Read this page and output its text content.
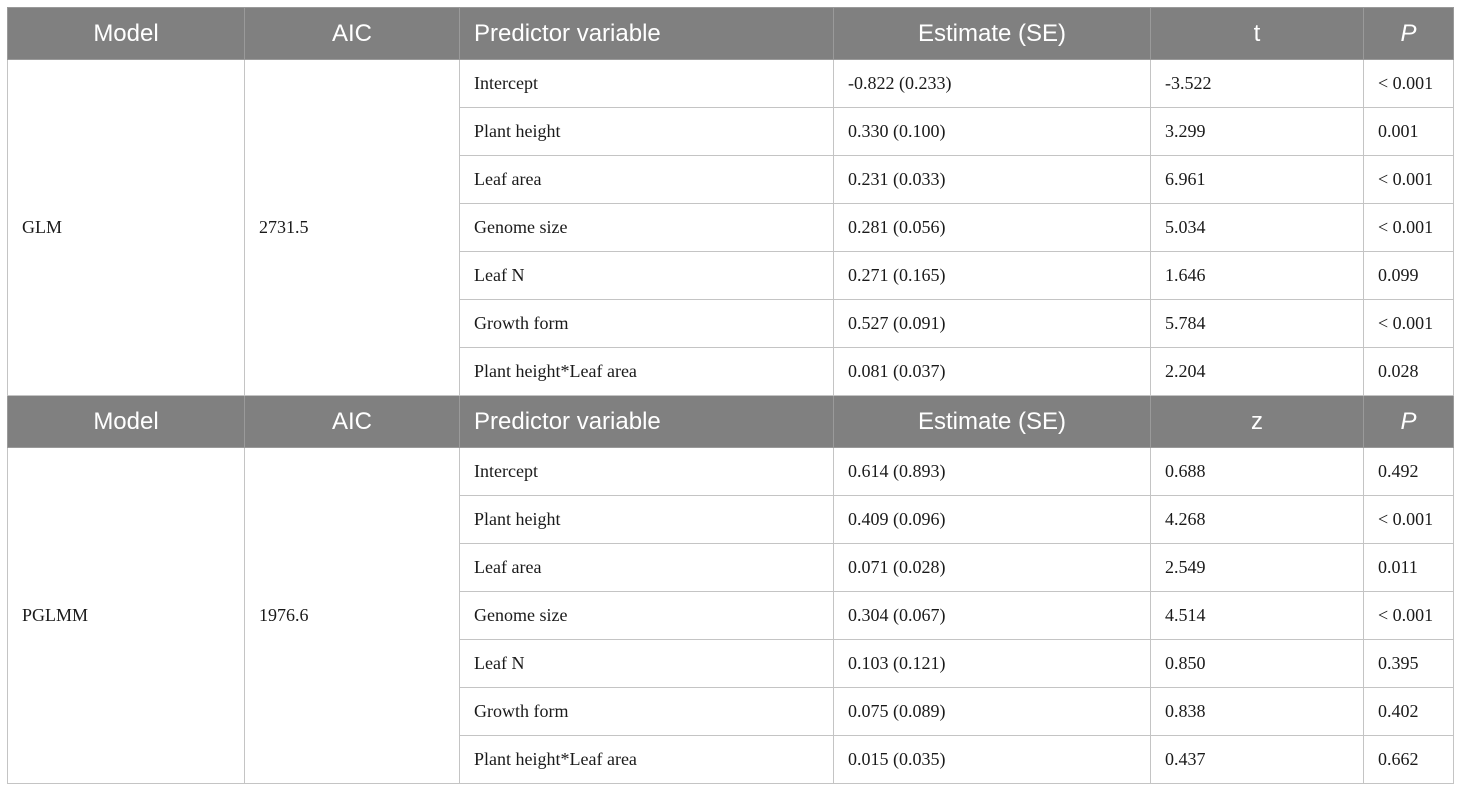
Model	AIC	Predictor variable	Estimate (SE)	t	P
GLM	2731.5	Intercept	-0.822 (0.233)	-3.522	< 0.001
		Plant height	0.330 (0.100)	3.299	0.001
		Leaf area	0.231 (0.033)	6.961	< 0.001
		Genome size	0.281 (0.056)	5.034	< 0.001
		Leaf N	0.271 (0.165)	1.646	0.099
		Growth form	0.527 (0.091)	5.784	< 0.001
		Plant height*Leaf area	0.081 (0.037)	2.204	0.028
Model	AIC	Predictor variable	Estimate (SE)	z	P
PGLMM	1976.6	Intercept	0.614 (0.893)	0.688	0.492
		Plant height	0.409 (0.096)	4.268	< 0.001
		Leaf area	0.071 (0.028)	2.549	0.011
		Genome size	0.304 (0.067)	4.514	< 0.001
		Leaf N	0.103 (0.121)	0.850	0.395
		Growth form	0.075 (0.089)	0.838	0.402
		Plant height*Leaf area	0.015 (0.035)	0.437	0.662
